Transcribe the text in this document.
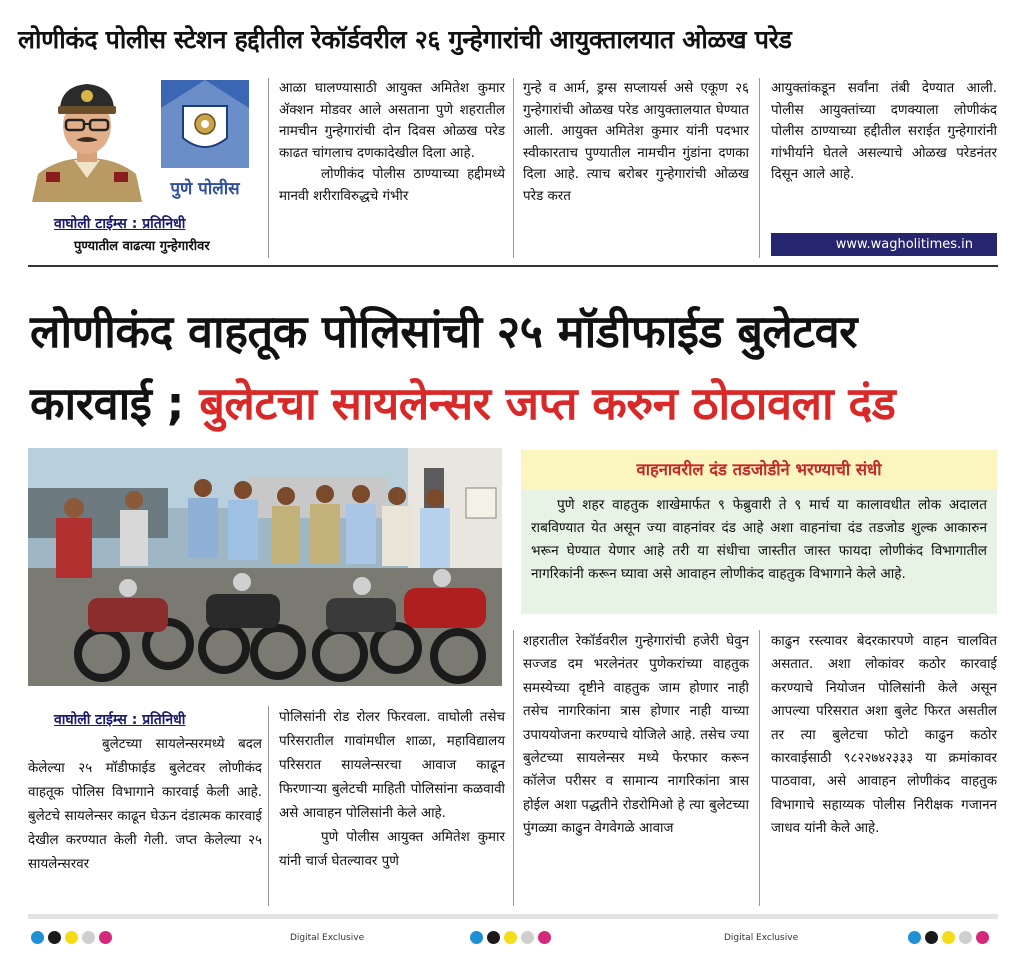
लोणीकंद पोलीस स्टेशन हद्दीतील रेकॉर्डवरील २६ गुन्हेगारांची आयुक्तालयात ओळख परेड
पुणे पोलीस
वाघोली टाईम्स : प्रतिनिधी
पुण्यातील वाढत्या गुन्हेगारीवर

आळा घालण्यासाठी आयुक्त अमितेश कुमार ॲक्शन मोडवर आले असताना पुणे शहरातील नामचीन गुन्हेगारांची दोन दिवस ओळख परेड काढत चांगलाच दणकादेखील दिला आहे.

लोणीकंद पोलीस ठाण्याच्या हद्दीमध्ये मानवी शरीराविरुद्धचे गंभीर

गुन्हे व आर्म, ड्रग्स सप्लायर्स असे एकूण २६ गुन्हेगारांची ओळख परेड आयुक्तालयात घेण्यात आली. आयुक्त अमितेश कुमार यांनी पदभार स्वीकारताच पुण्यातील नामचीन गुंडांना दणका दिला आहे. त्याच बरोबर गुन्हेगारांची ओळख परेड करत

आयुक्तांकडून सर्वांना तंबी देण्यात आली. पोलीस आयुक्तांच्या दणक्याला लोणीकंद पोलीस ठाण्याच्या हद्दीतील सराईत गुन्हेगारांनी गांभीर्याने घेतले असल्याचे ओळख परेडनंतर दिसून आले आहे.

www.wagholitimes.in
लोणीकंद वाहतूक पोलिसांची २५ मॉडीफाईड बुलेटवर
कारवाई ; बुलेटचा सायलेन्सर जप्त करुन ठोठावला दंड
वाहनावरील दंड तडजोडीने भरण्याची संधी

पुणे शहर वाहतुक शाखेमार्फत ९ फेब्रुवारी ते ९ मार्च या कालावधीत लोक अदालत राबविण्यात येत असून ज्या वाहनांवर दंड आहे अशा वाहनांचा दंड तडजोड शुल्क आकारुन भरून घेण्यात येणार आहे तरी या संधीचा जास्तीत जास्त फायदा लोणीकंद विभागातील नागरिकांनी करून घ्यावा असे आवाहन लोणीकंद वाहतुक विभागाने केले आहे.

वाघोली टाईम्स : प्रतिनिधी

बुलेटच्या सायलेन्सरमध्ये बदल केलेल्या २५ मॉडीफाईड बुलेटवर लोणीकंद वाहतूक पोलिस विभागाने कारवाई केली आहे. बुलेटचे सायलेन्सर काढून घेऊन दंडात्मक कारवाई देखील करण्यात केली गेली. जप्त केलेल्या २५ सायलेन्सरवर

पोलिसांनी रोड रोलर फिरवला. वाघोली तसेच परिसरातील गावांमधील शाळा, महाविद्यालय परिसरात सायलेन्सरचा आवाज काढून फिरणाऱ्या बुलेटची माहिती पोलिसांना कळवावी असे आवाहन पोलिसांनी केले आहे.

पुणे पोलीस आयुक्त अमितेश कुमार यांनी चार्ज घेतल्यावर पुणे

शहरातील रेकॉर्डवरील गुन्हेगारांची हजेरी घेवुन सज्जड दम भरलेनंतर पुणेकरांच्या वाहतुक समस्येच्या दृष्टीने वाहतुक जाम होणार नाही तसेच नागरिकांना त्रास होणार नाही याच्या उपाययोजना करण्याचे योजिले आहे. तसेच ज्या बुलेटच्या सायलेन्सर मध्ये फेरफार करून कॉलेज परीसर व सामान्य नागरिकांना त्रास होईल अशा पद्धतीने रोडरोमिओ हे त्या बुलेटच्या पुंगळ्या काढुन वेगवेगळे आवाज

काढुन रस्त्यावर बेदरकारपणे वाहन चालवित असतात. अशा लोकांवर कठोर कारवाई करण्याचे नियोजन पोलिसांनी केले असून आपल्या परिसरात अशा बुलेट फिरत असतील तर त्या बुलेटचा फोटो काढुन कठोर कारवाईसाठी ९८२२७४२३३३ या क्रमांकावर पाठवावा, असे आवाहन लोणीकंद वाहतुक विभागाचे सहाय्यक पोलीस निरीक्षक गजानन जाधव यांनी केले आहे.

Digital Exclusive	Digital Exclusive
